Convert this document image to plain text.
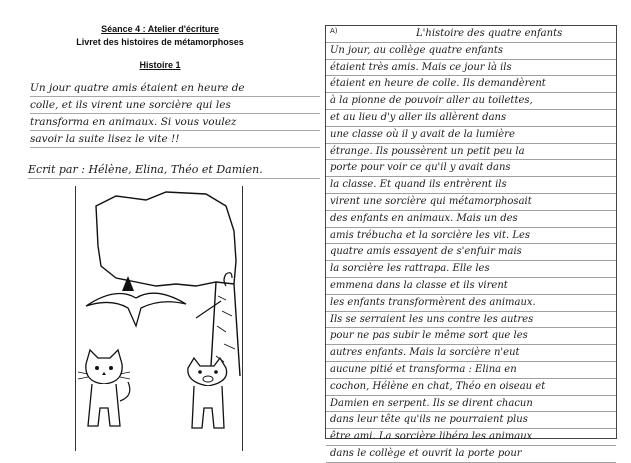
Séance 4 : Atelier d'écriture
Livret des histoires de métamorphoses
Histoire 1
Un jour quatre amis étaient en heure de
colle, et ils virent une sorcière qui les
transforma en animaux. Si vous voulez
savoir la suite lisez le vite !!
Ecrit par : Hélène, Elina, Théo et Damien.
A)	L'histoire des quatre enfants
Un jour, au collège quatre enfants
étaient très amis. Mais ce jour là ils
étaient en heure de colle. Ils demandèrent
à la pionne de pouvoir aller au toilettes,
et au lieu d'y aller ils allèrent dans
une classe où il y avait de la lumière
étrange. Ils poussèrent un petit peu la
porte pour voir ce qu'il y avait dans
la classe. Et quand ils entrèrent ils
virent une sorcière qui métamorphosait
des enfants en animaux. Mais un des
amis trébucha et la sorcière les vit. Les
quatre amis essayent de s'enfuir mais
la sorcière les rattrapa. Elle les
emmena dans la classe et ils virent
les enfants transformèrent des animaux.
Ils se serraient les uns contre les autres
pour ne pas subir le même sort que les
autres enfants. Mais la sorcière n'eut
aucune pitié et transforma : Elina en
cochon, Hélène en chat, Théo en oiseau et
Damien en serpent. Ils se dirent chacun
dans leur tête qu'ils ne pourraient plus
être ami. La sorcière libéra les animaux
dans le collège et ouvrit la porte pour
